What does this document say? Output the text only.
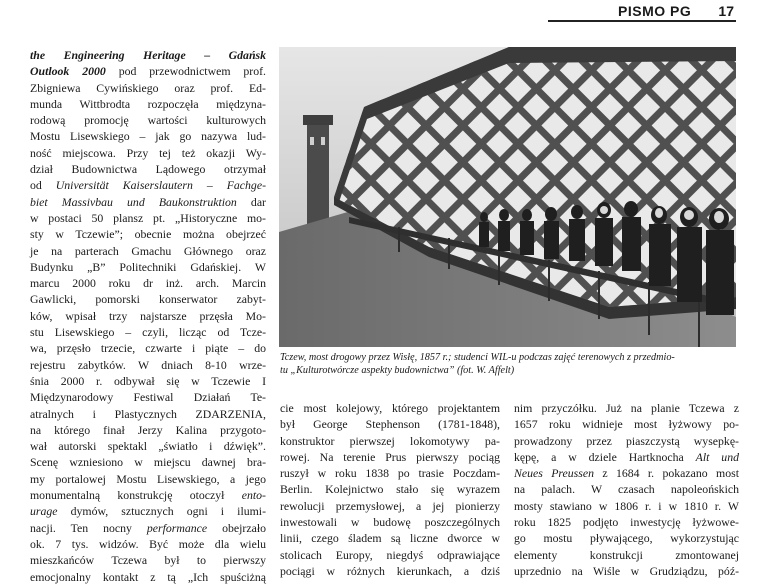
PISMO PG 17
the Engineering Heritage – Gdańsk
Outlook 2000 pod przewodnictwem prof.
Zbigniewa Cywińskiego oraz prof. Ed-
munda Wittbrodta rozpoczęła międzyna-
rodową promocję wartości kulturowych
Mostu Lisewskiego – jak go nazywa lud-
ność miejscowa. Przy tej też okazji Wy-
dział Budownictwa Lądowego otrzymał
od Universität Kaiserslautern – Fachge-
biet Massivbau und Baukonstruktion dar
w postaci 50 plansz pt. „Historyczne mo-
sty w Tczewie”; obecnie można obejrzeć
je na parterach Gmachu Głównego oraz
Budynku „B” Politechniki Gdańskiej. W
marcu 2000 roku dr inż. arch. Marcin
Gawlicki, pomorski konserwator zabyt-
ków, wpisał trzy najstarsze przęsła Mo-
stu Lisewskiego – czyli, licząc od Tcze-
wa, przęsło trzecie, czwarte i piąte – do
rejestru zabytków. W dniach 8-10 wrze-
śnia 2000 r. odbywał się w Tczewie I
Międzynarodowy Festiwal Działań Te-
atralnych i Plastycznych ZDARZENIA,
na którego finał Jerzy Kalina przygoto-
wał autorski spektakl „światło i dźwięk”.
Scenę wzniesiono w miejscu dawnej bra-
my portalowej Mostu Lisewskiego, a jego
monumentalną konstrukcję otoczył ento-
urage dymów, sztucznych ogni i ilumi-
nacji. Ten nocny performance obejrzało
ok. 7 tys. widzów. Być może dla wielu
mieszkańców Tczewa był to pierwszy
emocjonalny kontakt z tą „Ich spuściżną
Tczew, most drogowy przez Wisłę, 1857 r.; studenci WIL-u podczas zajęć terenowych z przedmio-
tu „Kulturotwórcze aspekty budownictwa” (fot. W. Affelt)
cie most kolejowy, którego projektantem
był George Stephenson (1781-1848),
konstruktor pierwszej lokomotywy pa-
rowej. Na terenie Prus pierwszy pociąg
ruszył w roku 1838 po trasie Poczdam-
Berlin. Kolejnictwo stało się wyrazem
rewolucji przemysłowej, a jej pionierzy
inwestowali w budowę poszczególnych
linii, czego śladem są liczne dworce w
stolicach Europy, niegdyś odprawiające
pociągi w różnych kierunkach, a dziś
nim przyczółku. Już na planie Tczewa z
1657 roku widnieje most łyżwowy po-
prowadzony przez piaszczystą wysepkę-
kępę, a w dziele Hartknocha Alt und
Neues Preussen z 1684 r. pokazano most
na palach. W czasach napoleońskich
mosty stawiano w 1806 r. i w 1810 r. W
roku 1825 podjęto inwestycję łyżwowe-
go mostu pływającego, wykorzystując
elementy konstrukcji zmontowanej
uprzednio na Wiśle w Grudziądzu, póź-
